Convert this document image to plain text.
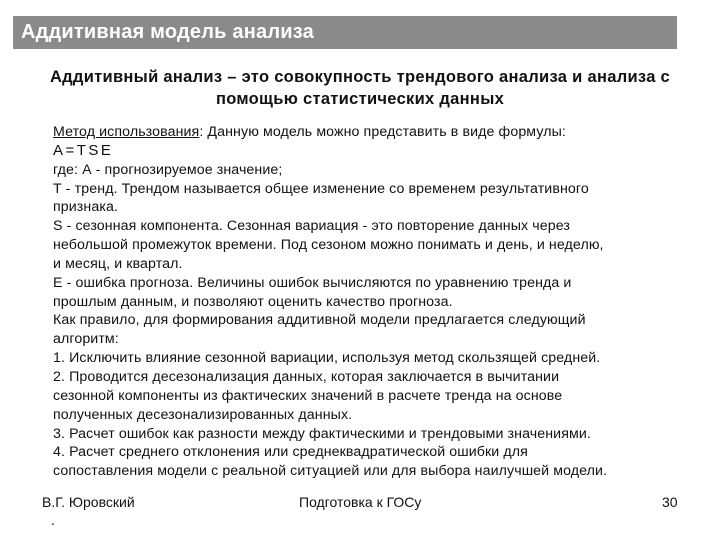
Аддитивная модель анализа
Аддитивный анализ – это совокупность трендового анализа и анализа с
помощью статистических данных
Метод использования: Данную модель можно представить в виде формулы:
A=TSE
где: А - прогнозируемое значение;
Т - тренд. Трендом называется общее изменение со временем результативного
признака.
S - сезонная компонента. Сезонная вариация - это повторение данных через
небольшой промежуток времени. Под сезоном можно понимать и день, и неделю,
и месяц, и квартал.
Е - ошибка прогноза. Величины ошибок вычисляются по уравнению тренда и
прошлым данным, и позволяют оценить качество прогноза.
Как правило, для формирования аддитивной модели предлагается следующий
алгоритм:
1. Исключить влияние сезонной вариации, используя метод скользящей средней.
2. Проводится десезонализация данных, которая заключается в вычитании
сезонной компоненты из фактических значений в расчете тренда на основе
полученных десезонализированных данных.
3. Расчет ошибок как разности между фактическими и трендовыми значениями.
4. Расчет среднего отклонения или среднеквадратической ошибки для
сопоставления модели с реальной ситуацией или для выбора наилучшей модели.
В.Г. Юровский	Подготовка к ГОСу	30
.
